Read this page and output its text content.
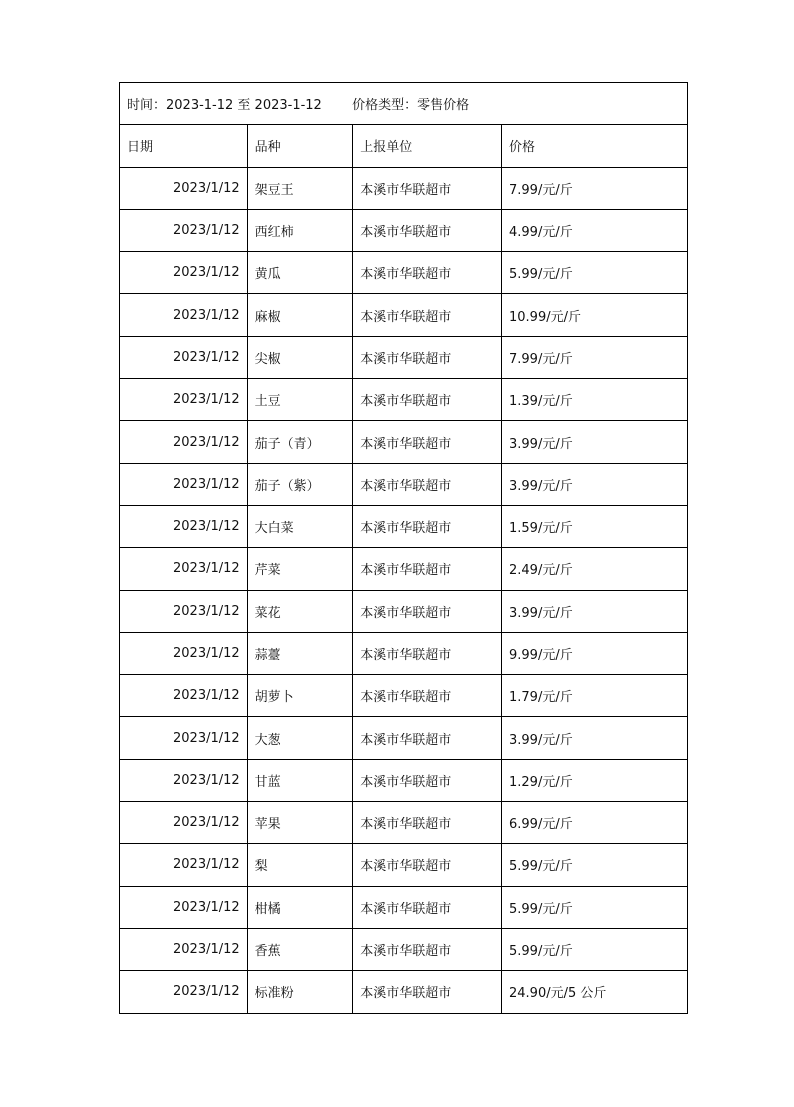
时间：2023-1-12 至 2023-1-12 价格类型：零售价格			
日期	品种	上报单位	价格
2023/1/12	架豆王	本溪市华联超市	7.99/元/斤
2023/1/12	西红柿	本溪市华联超市	4.99/元/斤
2023/1/12	黄瓜	本溪市华联超市	5.99/元/斤
2023/1/12	麻椒	本溪市华联超市	10.99/元/斤
2023/1/12	尖椒	本溪市华联超市	7.99/元/斤
2023/1/12	土豆	本溪市华联超市	1.39/元/斤
2023/1/12	茄子（青）	本溪市华联超市	3.99/元/斤
2023/1/12	茄子（紫）	本溪市华联超市	3.99/元/斤
2023/1/12	大白菜	本溪市华联超市	1.59/元/斤
2023/1/12	芹菜	本溪市华联超市	2.49/元/斤
2023/1/12	菜花	本溪市华联超市	3.99/元/斤
2023/1/12	蒜薹	本溪市华联超市	9.99/元/斤
2023/1/12	胡萝卜	本溪市华联超市	1.79/元/斤
2023/1/12	大葱	本溪市华联超市	3.99/元/斤
2023/1/12	甘蓝	本溪市华联超市	1.29/元/斤
2023/1/12	苹果	本溪市华联超市	6.99/元/斤
2023/1/12	梨	本溪市华联超市	5.99/元/斤
2023/1/12	柑橘	本溪市华联超市	5.99/元/斤
2023/1/12	香蕉	本溪市华联超市	5.99/元/斤
2023/1/12	标准粉	本溪市华联超市	24.90/元/5 公斤
